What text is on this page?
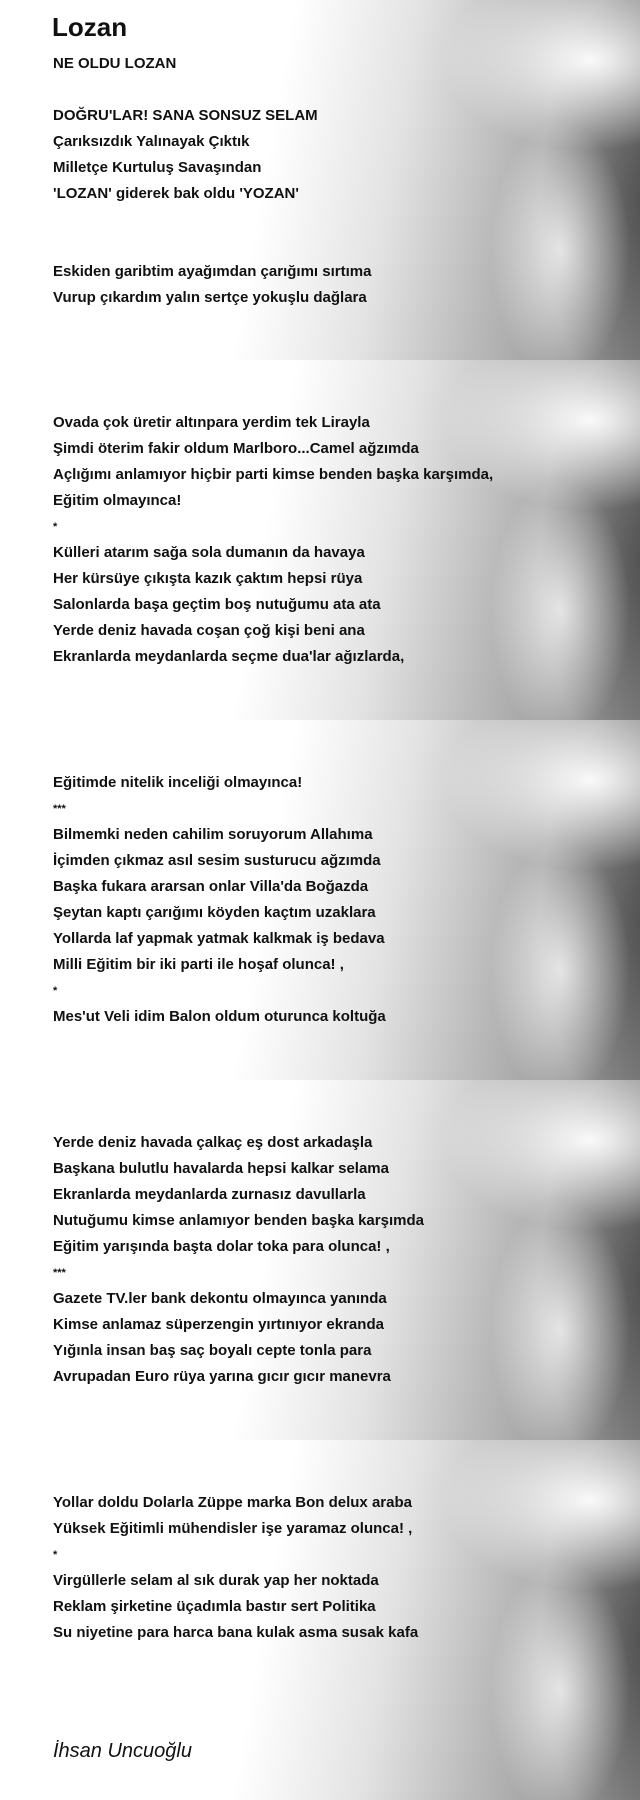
Lozan
NE OLDU LOZAN
DOĞRU'LAR! SANA SONSUZ SELAM
Çarıksızdık Yalınayak Çıktık
Milletçe Kurtuluş Savaşından
'LOZAN' giderek bak oldu 'YOZAN'
Eskiden garibtim ayağımdan çarığımı sırtıma
Vurup çıkardım yalın sertçe yokuşlu dağlara
Ovada çok üretir altınpara yerdim tek Lirayla
Şimdi öterim fakir oldum Marlboro...Camel ağzımda
Açlığımı anlamıyor hiçbir parti kimse benden başka karşımda,
Eğitim olmayınca!
*
Külleri atarım sağa sola dumanın da havaya
Her kürsüye çıkışta kazık çaktım hepsi rüya
Salonlarda başa geçtim boş nutuğumu ata ata
Yerde deniz havada coşan çoğ kişi beni ana
Ekranlarda meydanlarda seçme dua'lar ağızlarda,
Eğitimde nitelik inceliği olmayınca!
***
Bilmemki neden cahilim soruyorum Allahıma
İçimden çıkmaz asıl sesim susturucu ağzımda
Başka fukara ararsan onlar Villa'da Boğazda
Şeytan kaptı çarığımı köyden kaçtım uzaklara
Yollarda laf yapmak yatmak kalkmak iş bedava
Milli Eğitim bir iki parti ile hoşaf olunca! ,
*
Mes'ut Veli idim Balon oldum oturunca koltuğa
Yerde deniz havada çalkaç eş dost arkadaşla
Başkana bulutlu havalarda hepsi kalkar selama
Ekranlarda meydanlarda zurnasız davullarla
Nutuğumu kimse anlamıyor benden başka karşımda
Eğitim yarışında başta dolar toka para olunca! ,
***
Gazete TV.ler bank dekontu olmayınca yanında
Kimse anlamaz süperzengin yırtınıyor ekranda
Yığınla insan baş saç boyalı cepte tonla para
Avrupadan Euro rüya yarına gıcır gıcır manevra
Yollar doldu Dolarla Züppe marka Bon delux araba
Yüksek Eğitimli mühendisler işe yaramaz olunca! ,
*
Virgüllerle selam al sık durak yap her noktada
Reklam şirketine üçadımla bastır sert Politika
Su niyetine para harca bana kulak asma susak kafa
İhsan Uncuoğlu
